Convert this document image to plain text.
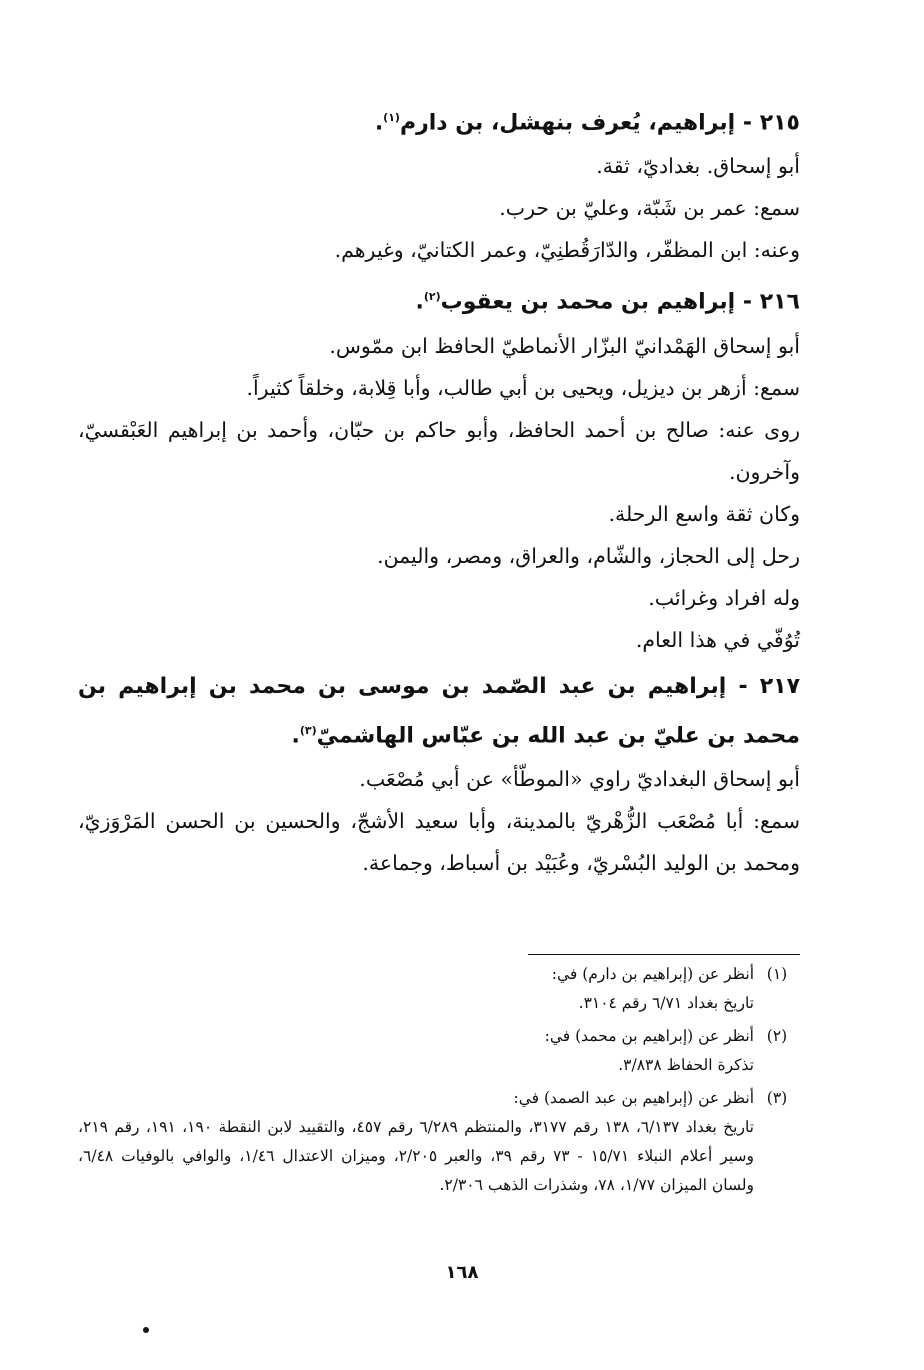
٢١٥ - إبراهيم، يُعرف بنهشل، بن دارم$^{(١)}$.

أبو إسحاق. بغداديّ، ثقة.

سمع: عمر بن شَبّة، وعليّ بن حرب.

وعنه: ابن المظفّر، والدّارَقُطنِيّ، وعمر الكتانيّ، وغيرهم.

٢١٦ - إبراهيم بن محمد بن يعقوب$^{(٢)}$.

أبو إسحاق الهَمْدانيّ البزّار الأنماطيّ الحافظ ابن ممّوس.

سمع: أزهر بن ديزيل، ويحيى بن أبي طالب، وأبا قِلابة، وخلقاً كثيراً.

روى عنه: صالح بن أحمد الحافظ، وأبو حاكم بن حبّان، وأحمد بن إبراهيم العَبْقسيّ، وآخرون.

وكان ثقة واسع الرحلة.

رحل إلى الحجاز، والشّام، والعراق، ومصر، واليمن.

وله افراد وغرائب.

تُوُفّي في هذا العام.

٢١٧ - إبراهيم بن عبد الصّمد بن موسى بن محمد بن إبراهيم بن محمد بن عليّ بن عبد الله بن عبّاس الهاشميّ$^{(٣)}$.

أبو إسحاق البغداديّ راوي «الموطّأ» عن أبي مُصْعَب.

سمع: أبا مُصْعَب الزُّهْريّ بالمدينة، وأبا سعيد الأشجّ، والحسين بن الحسن المَرْوَزيّ، ومحمد بن الوليد البُسْريّ، وعُبَيْد بن أسباط، وجماعة.

(١)
أنظر عن (إبراهيم بن دارم) في:
تاريخ بغداد ٦/٧١ رقم ٣١٠٤.
(٢)
أنظر عن (إبراهيم بن محمد) في:
تذكرة الحفاظ ٣/٨٣٨.
(٣)
أنظر عن (إبراهيم بن عبد الصمد) في:
تاريخ بغداد ٦/١٣٧، ١٣٨ رقم ٣١٧٧، والمنتظم ٦/٢٨٩ رقم ٤٥٧، والتقييد لابن النقطة ١٩٠، ١٩١، رقم ٢١٩، وسير أعلام النبلاء ١٥/٧١ - ٧٣ رقم ٣٩، والعبر ٢/٢٠٥، وميزان الاعتدال ١/٤٦، والوافي بالوفيات ٦/٤٨، ولسان الميزان ١/٧٧، ٧٨، وشذرات الذهب ٢/٣٠٦.
١٦٨
